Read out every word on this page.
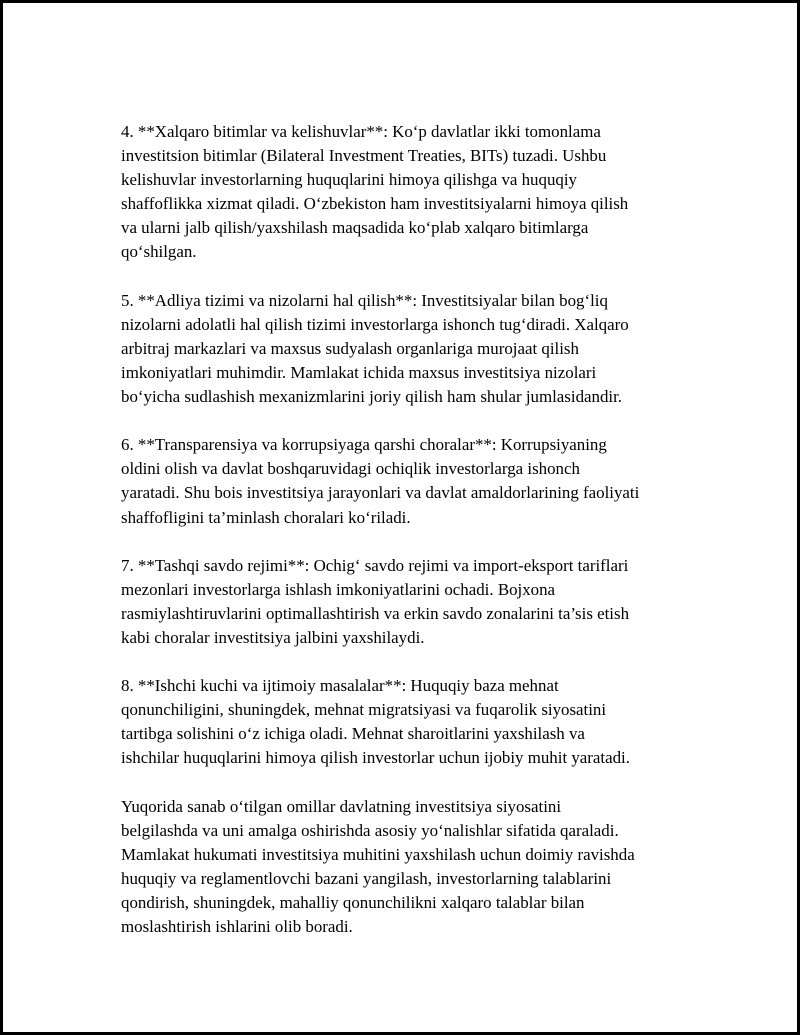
4. **Xalqaro bitimlar va kelishuvlar**: Ko‘p davlatlar ikki tomonlama
investitsion bitimlar (Bilateral Investment Treaties, BITs) tuzadi. Ushbu
kelishuvlar investorlarning huquqlarini himoya qilishga va huquqiy
shaffoflikka xizmat qiladi. O‘zbekiston ham investitsiyalarni himoya qilish
va ularni jalb qilish/yaxshilash maqsadida ko‘plab xalqaro bitimlarga
qo‘shilgan.
5. **Adliya tizimi va nizolarni hal qilish**: Investitsiyalar bilan bog‘liq
nizolarni adolatli hal qilish tizimi investorlarga ishonch tug‘diradi. Xalqaro
arbitraj markazlari va maxsus sudyalash organlariga murojaat qilish
imkoniyatlari muhimdir. Mamlakat ichida maxsus investitsiya nizolari
bo‘yicha sudlashish mexanizmlarini joriy qilish ham shular jumlasidandir.
6. **Transparensiya va korrupsiyaga qarshi choralar**: Korrupsiyaning
oldini olish va davlat boshqaruvidagi ochiqlik investorlarga ishonch
yaratadi. Shu bois investitsiya jarayonlari va davlat amaldorlarining faoliyati
shaffofligini ta’minlash choralari ko‘riladi.
7. **Tashqi savdo rejimi**: Ochig‘ savdo rejimi va import-eksport tariflari
mezonlari investorlarga ishlash imkoniyatlarini ochadi. Bojxona
rasmiylashtiruvlarini optimallashtirish va erkin savdo zonalarini ta’sis etish
kabi choralar investitsiya jalbini yaxshilaydi.
8. **Ishchi kuchi va ijtimoiy masalalar**: Huquqiy baza mehnat
qonunchiligini, shuningdek, mehnat migratsiyasi va fuqarolik siyosatini
tartibga solishini o‘z ichiga oladi. Mehnat sharoitlarini yaxshilash va
ishchilar huquqlarini himoya qilish investorlar uchun ijobiy muhit yaratadi.
Yuqorida sanab o‘tilgan omillar davlatning investitsiya siyosatini
belgilashda va uni amalga oshirishda asosiy yo‘nalishlar sifatida qaraladi.
Mamlakat hukumati investitsiya muhitini yaxshilash uchun doimiy ravishda
huquqiy va reglamentlovchi bazani yangilash, investorlarning talablarini
qondirish, shuningdek, mahalliy qonunchilikni xalqaro talablar bilan
moslashtirish ishlarini olib boradi.
